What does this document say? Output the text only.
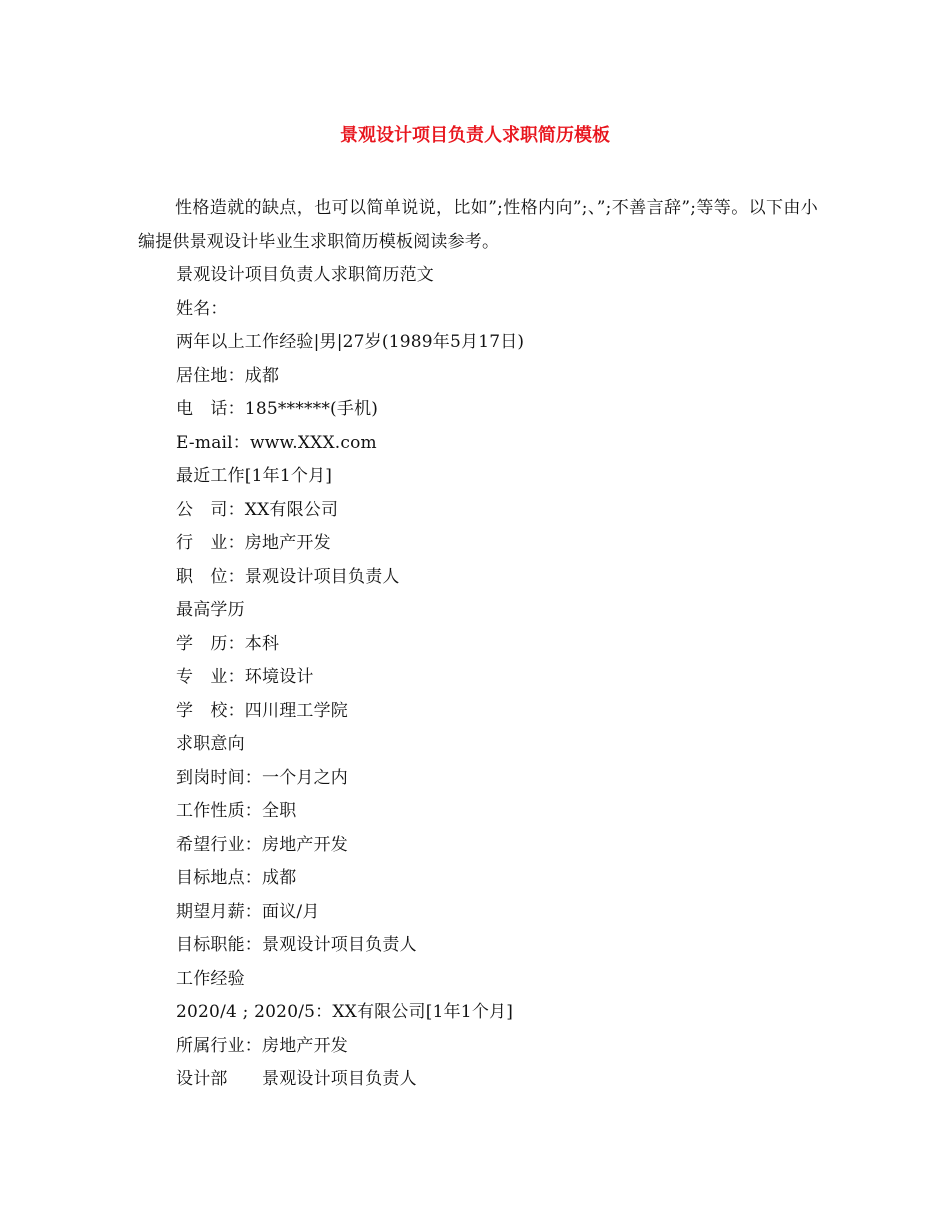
景观设计项目负责人求职简历模板

性格造就的缺点，也可以简单说说，比如”;性格内向”;、”;不善言辞”;等等。以下由小编提供景观设计毕业生求职简历模板阅读参考。

景观设计项目负责人求职简历范文
姓名：
两年以上工作经验|男|27岁(1989年5月17日)
居住地：成都
电　话：185******(手机)
E-mail：www.XXX.com
最近工作[1年1个月]
公　司：XX有限公司
行　业：房地产开发
职　位：景观设计项目负责人
最高学历
学　历：本科
专　业：环境设计
学　校：四川理工学院
求职意向
到岗时间：一个月之内
工作性质：全职
希望行业：房地产开发
目标地点：成都
期望月薪：面议/月
目标职能：景观设计项目负责人
工作经验
2020/4 ; 2020/5：XX有限公司[1年1个月]
所属行业：房地产开发
设计部　　景观设计项目负责人
